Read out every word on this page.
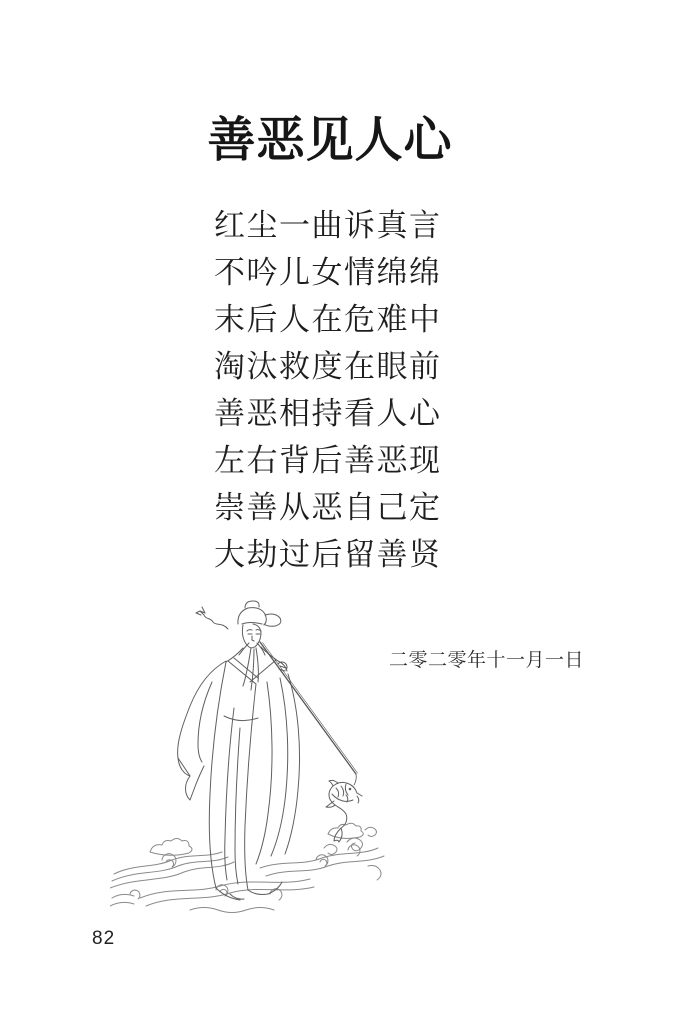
善恶见人心
红尘一曲诉真言
不吟儿女情绵绵
末后人在危难中
淘汰救度在眼前
善恶相持看人心
左右背后善恶现
崇善从恶自己定
大劫过后留善贤
二零二零年十一月一日
82
